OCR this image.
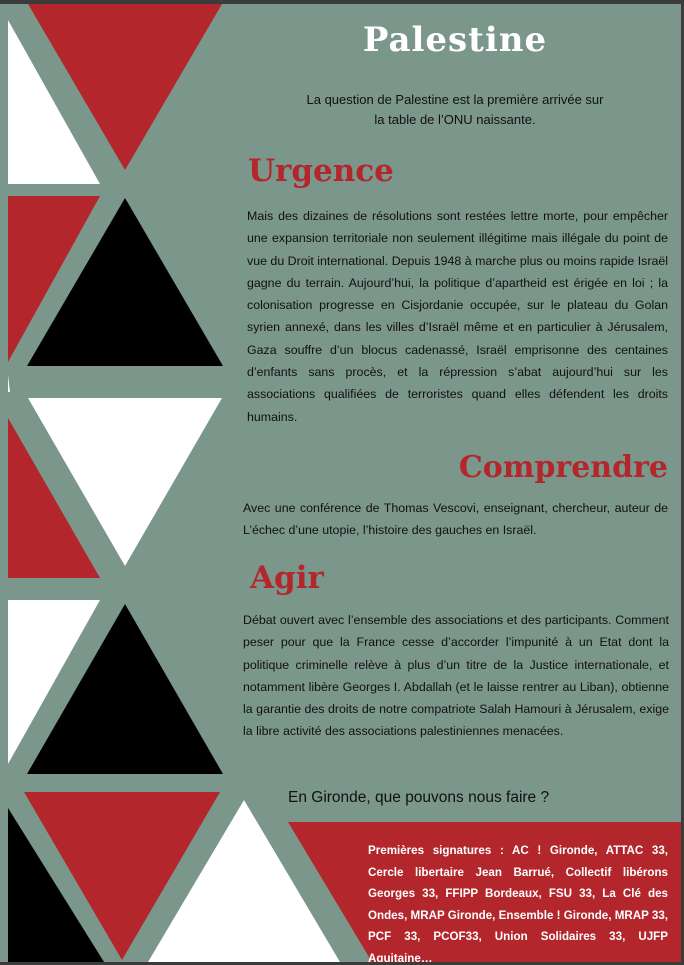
Palestine
La question de Palestine est la première arrivée sur la table de l’ONU naissante.
Urgence
Mais des dizaines de résolutions sont restées lettre morte, pour empêcher une expansion territoriale non seulement illégitime mais illégale du point de vue du Droit international. Depuis 1948 à marche plus ou moins rapide Israël gagne du terrain. Aujourd’hui, la politique d’apartheid est érigée en loi ; la colonisation progresse en Cisjordanie occupée, sur le plateau du Golan syrien annexé, dans les villes d’Israël même et en particulier à Jérusalem, Gaza souffre d’un blocus cadenassé, Israël emprisonne des centaines d’enfants sans procès, et la répression s’abat aujourd’hui sur les associations qualifiées de terroristes quand elles défendent les droits humains.
Comprendre
Avec une conférence de Thomas Vescovi, enseignant, chercheur, auteur de L’échec d’une utopie, l’histoire des gauches en Israël.
Agir
Débat ouvert avec l’ensemble des associations et des participants. Comment peser pour que la France cesse d’accorder l’impunité à un Etat dont la politique criminelle relève à plus d’un titre de la Justice internationale, et notamment libère Georges I. Abdallah (et le laisse rentrer au Liban), obtienne la garantie des droits de notre compatriote Salah Hamouri à Jérusalem, exige la libre activité des associations palestiniennes menacées.
En Gironde, que pouvons nous faire ?
Premières signatures : AC ! Gironde, ATTAC 33, Cercle libertaire Jean Barrué, Collectif libérons Georges 33, FFIPP Bordeaux, FSU 33, La Clé des Ondes, MRAP Gironde, Ensemble ! Gironde, MRAP 33, PCF 33, PCOF33, Union Solidaires 33, UJFP Aquitaine…
